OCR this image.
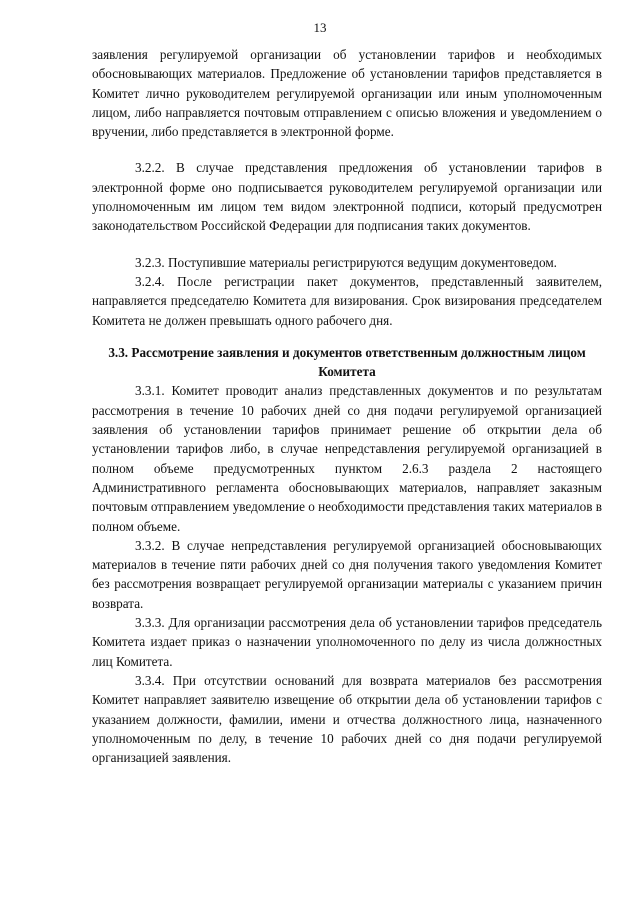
13

заявления регулируемой организации об установлении тарифов и необходимых обосновывающих материалов. Предложение об установлении тарифов представляется в Комитет лично руководителем регулируемой организации или иным уполномоченным лицом, либо направляется почтовым отправлением с описью вложения и уведомлением о вручении, либо представляется в электронной форме.

3.2.2. В случае представления предложения об установлении тарифов в электронной форме оно подписывается руководителем регулируемой организации или уполномоченным им лицом тем видом электронной подписи, который предусмотрен законодательством Российской Федерации для подписания таких документов.

3.2.3. Поступившие материалы регистрируются ведущим документоведом.

3.2.4. После регистрации пакет документов, представленный заявителем, направляется председателю Комитета для визирования. Срок визирования председателем Комитета не должен превышать одного рабочего дня.

3.3. Рассмотрение заявления и документов ответственным должностным лицом Комитета

3.3.1. Комитет проводит анализ представленных документов и по результатам рассмотрения в течение 10 рабочих дней со дня подачи регулируемой организацией заявления об установлении тарифов принимает решение об открытии дела об установлении тарифов либо, в случае непредставления регулируемой организацией в полном объеме предусмотренных пунктом 2.6.3 раздела 2 настоящего Административного регламента обосновывающих материалов, направляет заказным почтовым отправлением уведомление о необходимости представления таких материалов в полном объеме.

3.3.2. В случае непредставления регулируемой организацией обосновывающих материалов в течение пяти рабочих дней со дня получения такого уведомления Комитет без рассмотрения возвращает регулируемой организации материалы с указанием причин возврата.

3.3.3. Для организации рассмотрения дела об установлении тарифов председатель Комитета издает приказ о назначении уполномоченного по делу из числа должностных лиц Комитета.

3.3.4. При отсутствии оснований для возврата материалов без рассмотрения Комитет направляет заявителю извещение об открытии дела об установлении тарифов с указанием должности, фамилии, имени и отчества должностного лица, назначенного уполномоченным по делу, в течение 10 рабочих дней со дня подачи регулируемой организацией заявления.
